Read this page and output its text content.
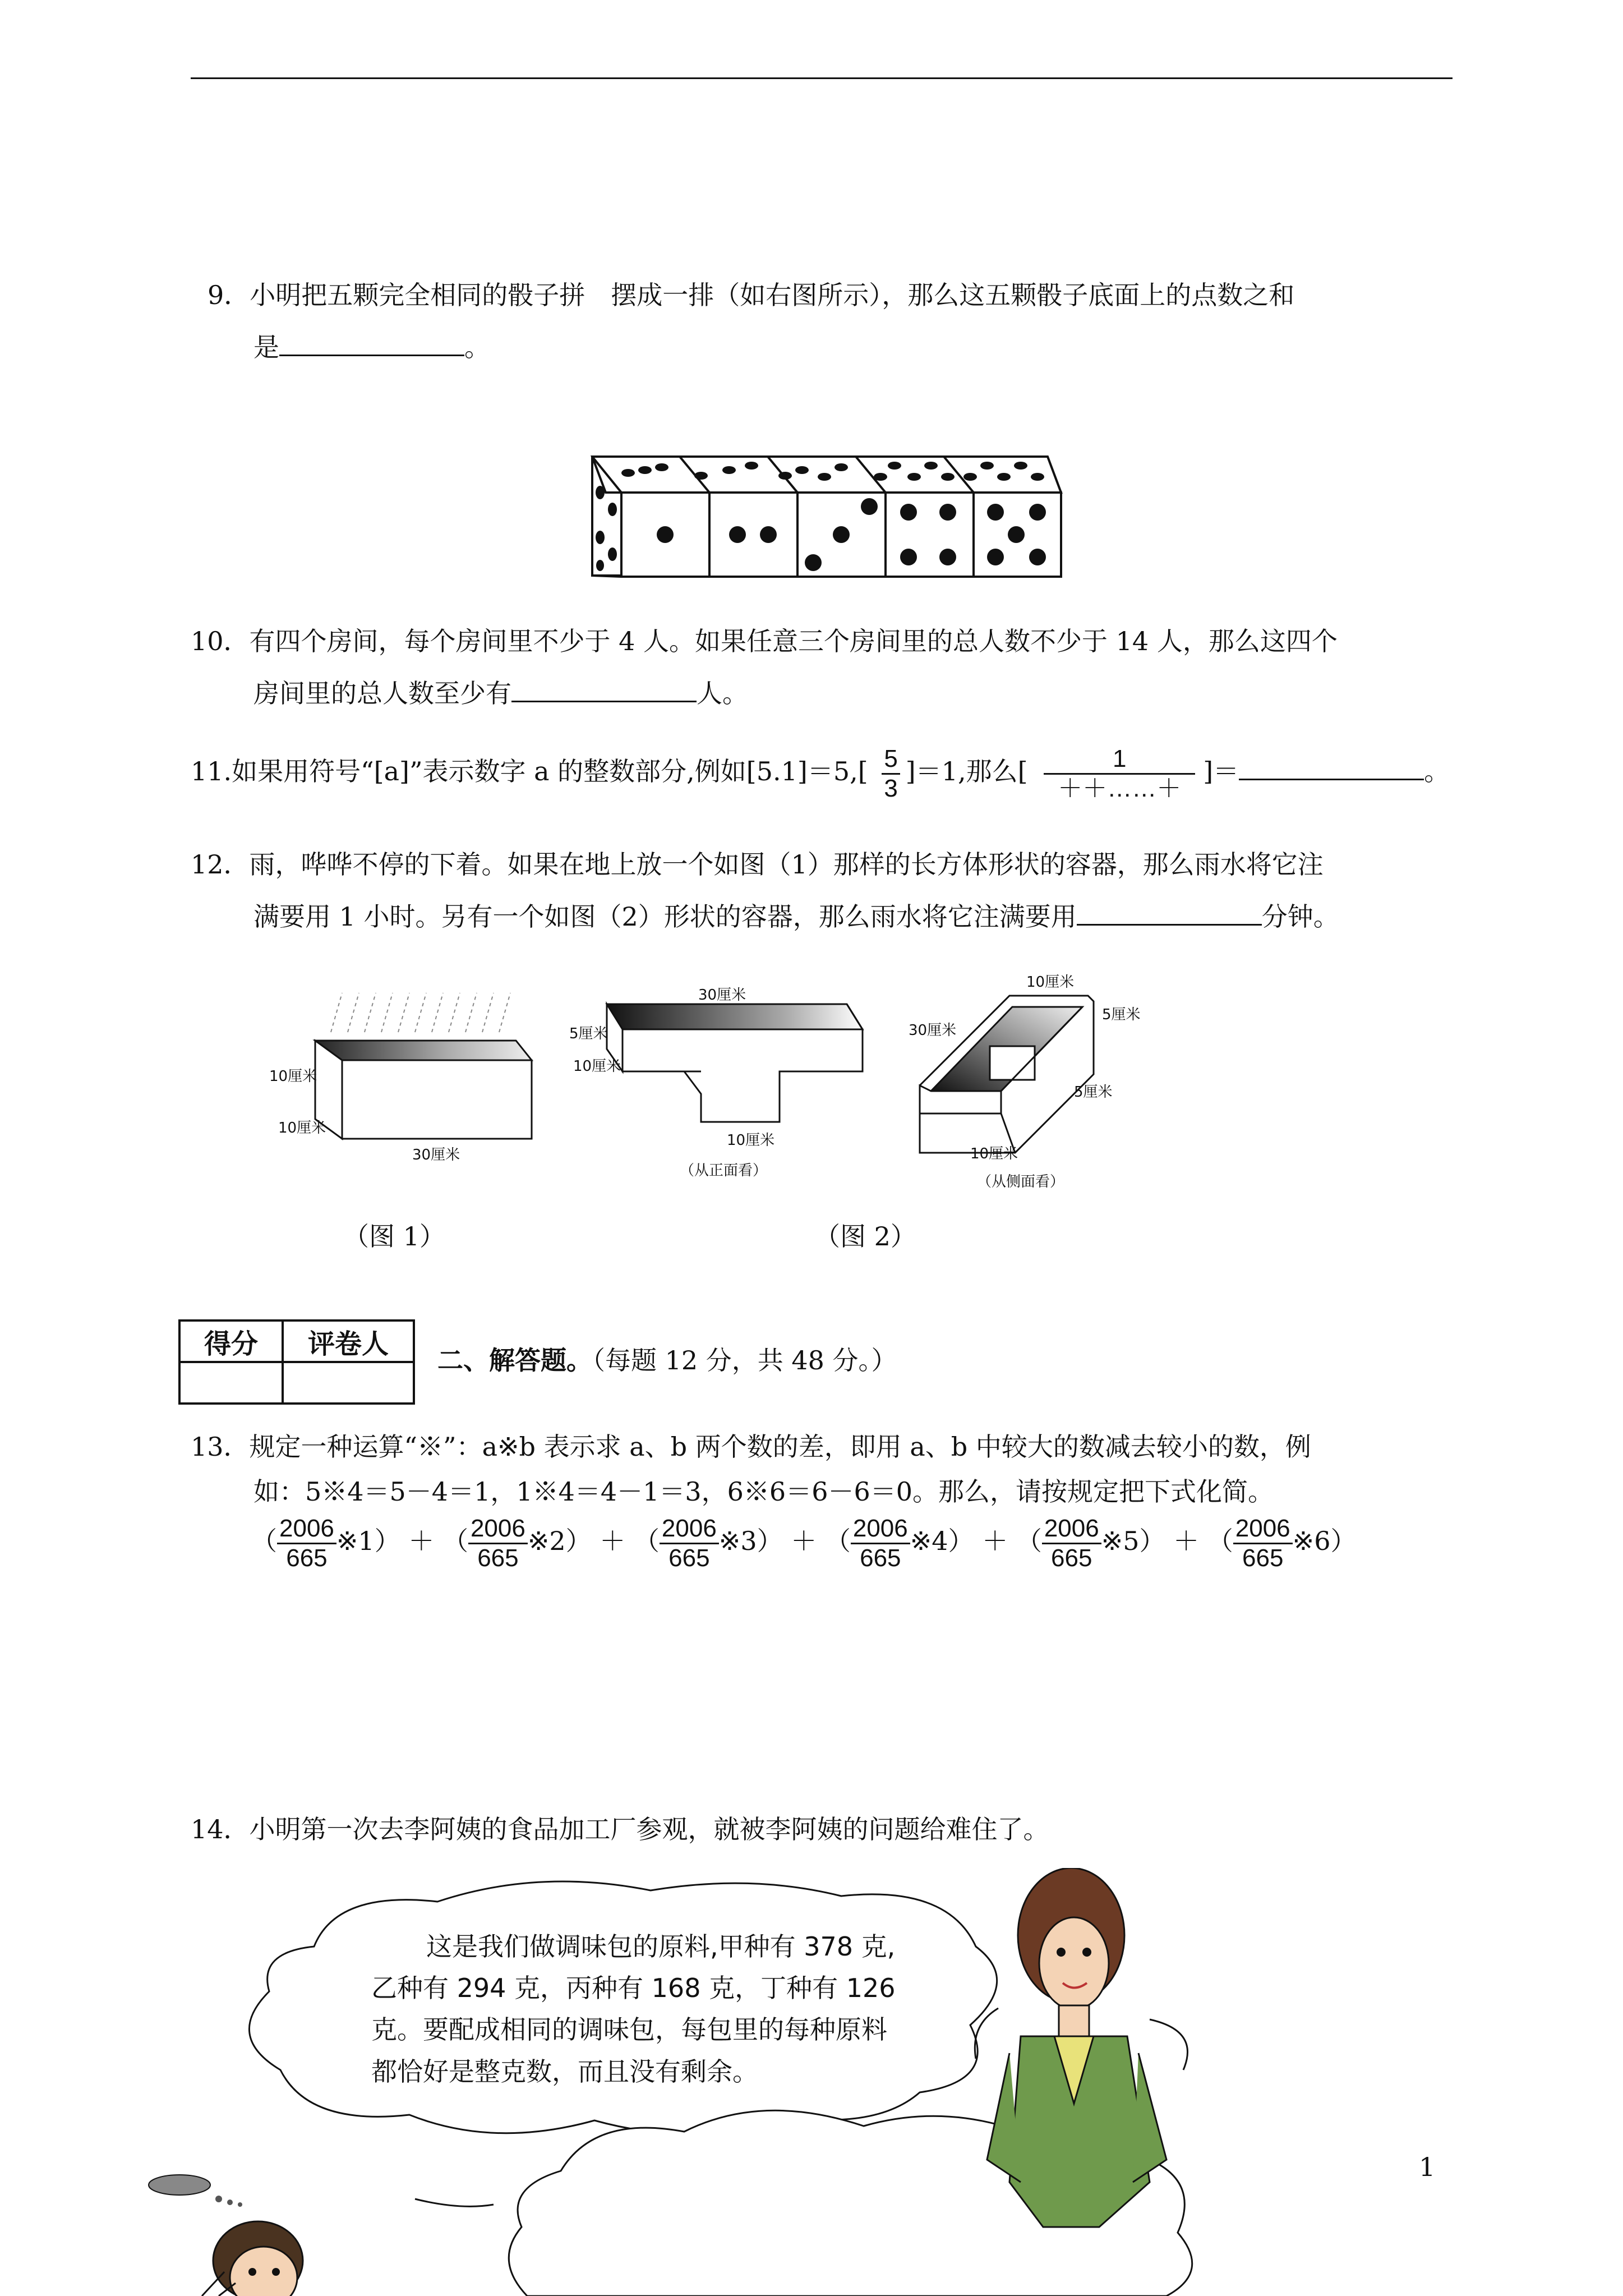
9．小明把五颗完全相同的骰子拼　摆成一排（如右图所示），那么这五颗骰子底面上的点数之和
是	。
10．有四个房间，每个房间里不少于 4 人。如果任意三个房间里的总人数不少于 14 人，那么这四个
房间里的总人数至少有	人。
11.如果用符号“[a]”表示数字 a 的整数部分,例如$[5.1]=5,[ \frac{5}{3} ]=1$,那么[ $\frac{1}{++\dots\dots+}$ ]＝	。
12．雨，哗哗不停的下着。如果在地上放一个如图（1）那样的长方体形状的容器，那么雨水将它注
满要用 1 小时。另有一个如图（2）形状的容器，那么雨水将它注满要用	分钟。
10厘米
10厘米
30厘米
（图 1）
30厘米
5厘米
10厘米
10厘米
（从正面看）
10厘米
5厘米
30厘米
5厘米
10厘米
（从侧面看）
（图 2）
得分	评卷人

二、解答题。（每题 12 分，共 48 分。）
13．规定一种运算“※”：a※b 表示求 a、b 两个数的差，即用 a、b 中较大的数减去较小的数，例
如：5※4＝5－4＝1，1※4＝4－1＝3，6※6＝6－6＝0。那么，请按规定把下式化简。
（ $\frac{2006}{665}$ ※1） ＋ （ $\frac{2006}{665}$ ※2） ＋ （ $\frac{2006}{665}$ ※3） ＋ （ $\frac{2006}{665}$ ※4） ＋ （ $\frac{2006}{665}$ ※5） ＋ （ $\frac{2006}{665}$ ※6）
14．小明第一次去李阿姨的食品加工厂参观，就被李阿姨的问题给难住了。
这是我们做调味包的原料,甲种有 378 克,
乙种有 294 克，丙种有 168 克，丁种有 126
克。要配成相同的调味包，每包里的每种原料
都恰好是整克数，而且没有剩余。
1
